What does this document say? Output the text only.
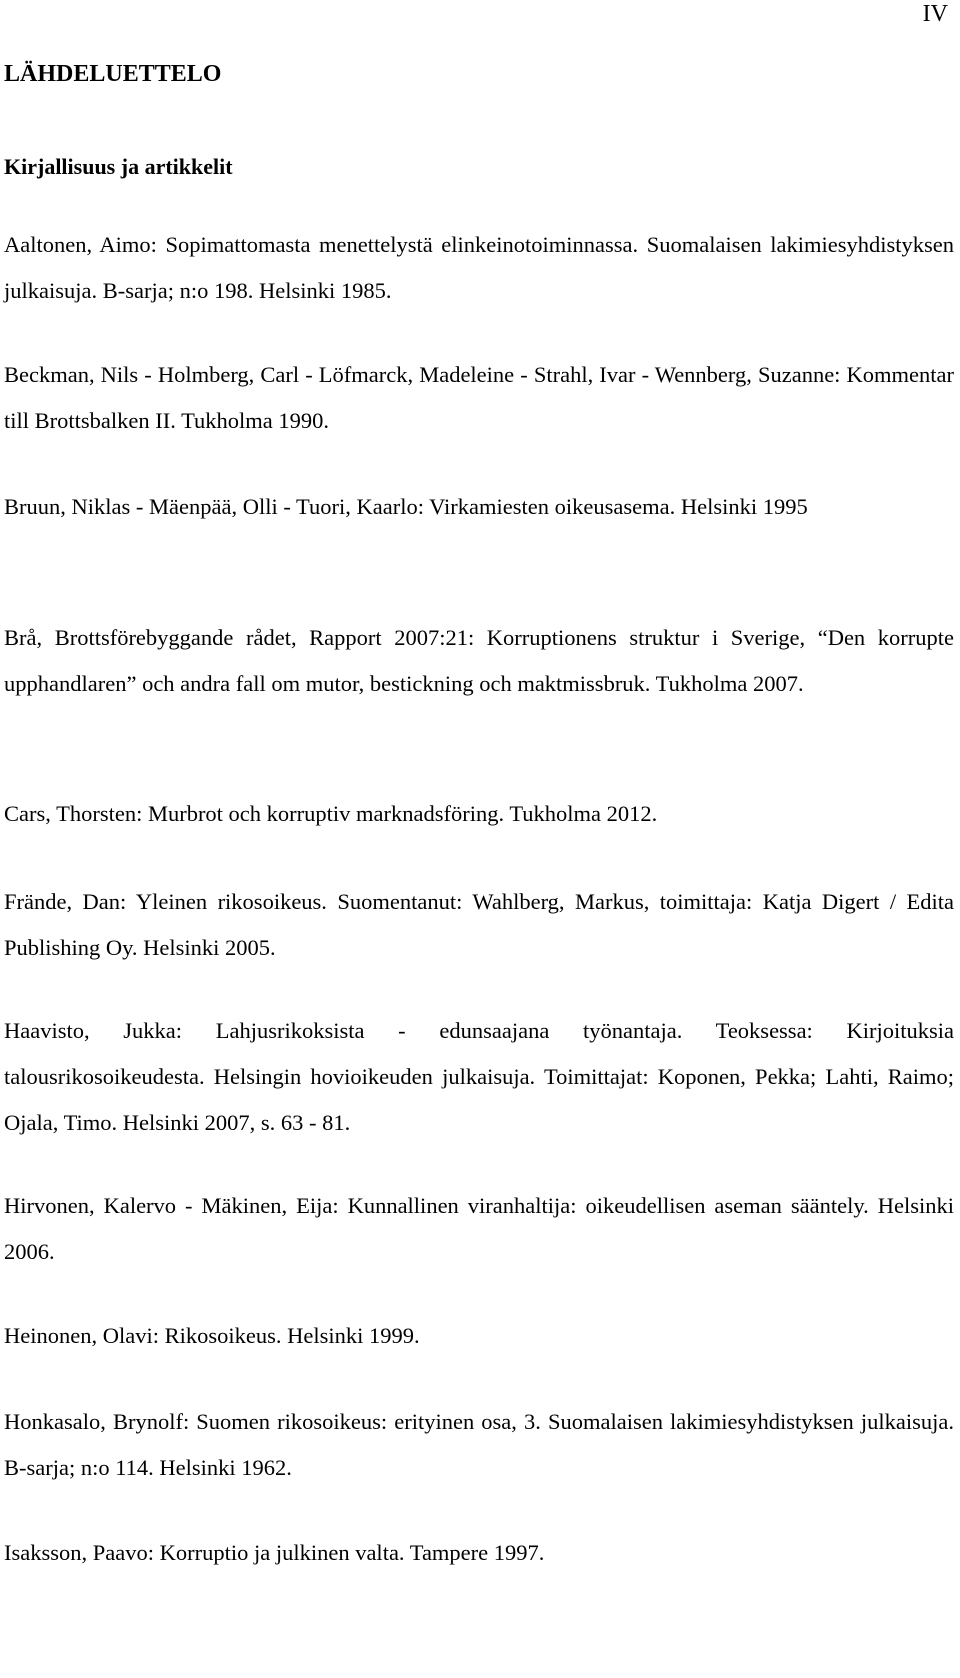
IV
LÄHDELUETTELO
Kirjallisuus ja artikkelit

Aaltonen, Aimo: Sopimattomasta menettelystä elinkeinotoiminnassa. Suomalaisen lakimiesyhdistyksen julkaisuja. B-sarja; n:o 198. Helsinki 1985.

Beckman, Nils - Holmberg, Carl - Löfmarck, Madeleine - Strahl, Ivar - Wennberg, Suzanne: Kommentar till Brottsbalken II. Tukholma 1990.

Bruun, Niklas - Mäenpää, Olli - Tuori, Kaarlo: Virkamiesten oikeusasema. Helsinki 1995

Brå, Brottsförebyggande rådet, Rapport 2007:21: Korruptionens struktur i Sverige, “Den korrupte upphandlaren” och andra fall om mutor, bestickning och maktmissbruk. Tukholma 2007.

Cars, Thorsten: Murbrot och korruptiv marknadsföring. Tukholma 2012.

Frände, Dan: Yleinen rikosoikeus. Suomentanut: Wahlberg, Markus, toimittaja: Katja Digert / Edita Publishing Oy. Helsinki 2005.

Haavisto, Jukka: Lahjusrikoksista - edunsaajana työnantaja. Teoksessa: Kirjoituksia talousrikosoikeudesta. Helsingin hovioikeuden julkaisuja. Toimittajat: Koponen, Pekka; Lahti, Raimo; Ojala, Timo. Helsinki 2007, s. 63 - 81.

Hirvonen, Kalervo - Mäkinen, Eija: Kunnallinen viranhaltija: oikeudellisen aseman sääntely. Helsinki 2006.

Heinonen, Olavi: Rikosoikeus. Helsinki 1999.

Honkasalo, Brynolf: Suomen rikosoikeus: erityinen osa, 3. Suomalaisen lakimiesyhdistyksen julkaisuja. B-sarja; n:o 114. Helsinki 1962.

Isaksson, Paavo: Korruptio ja julkinen valta. Tampere 1997.
